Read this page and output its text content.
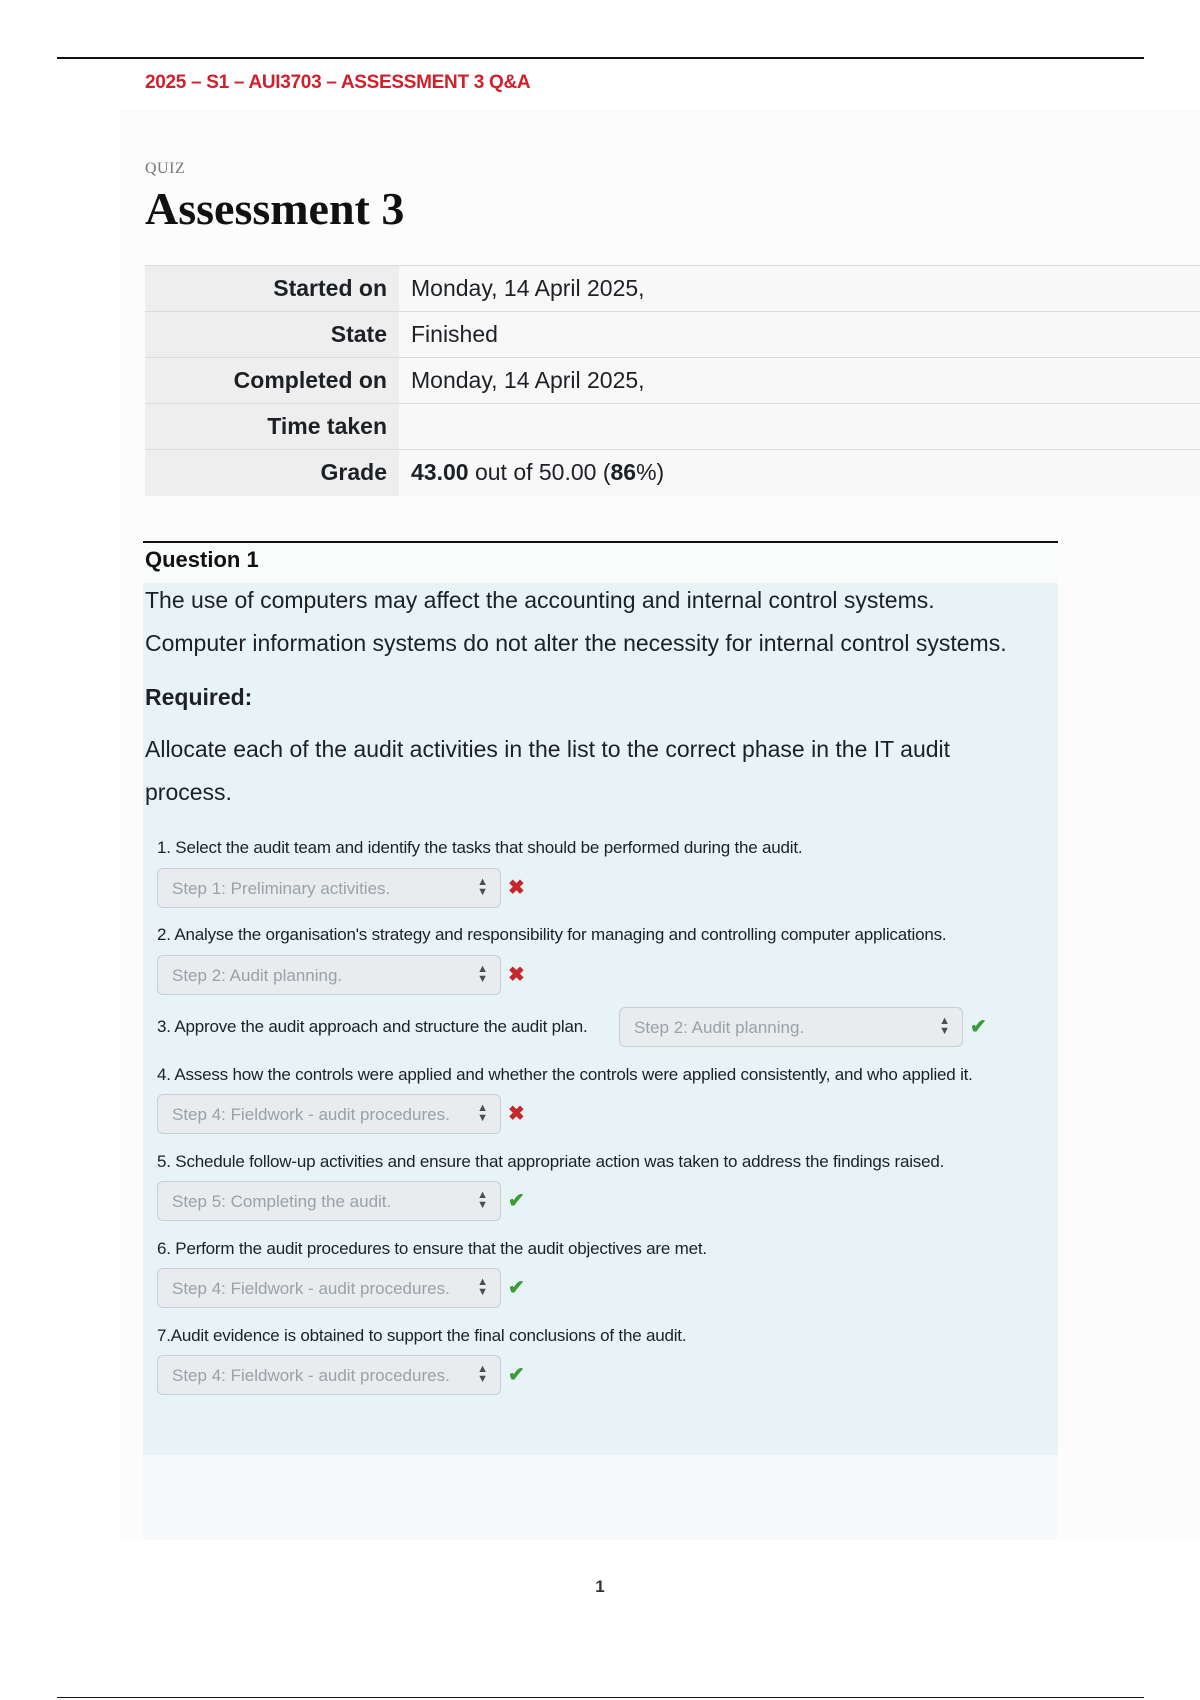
2025 – S1 – AUI3703 – ASSESSMENT 3 Q&A
QUIZ
Assessment 3
Started on	Monday, 14 April 2025,
State	Finished
Completed on	Monday, 14 April 2025,
Time taken	
Grade	43.00 out of 50.00 (86%)
Question 1

The use of computers may affect the accounting and internal control systems.

Computer information systems do not alter the necessity for internal control systems.

Required:

Allocate each of the audit activities in the list to the correct phase in the IT audit

process.

1. Select the audit team and identify the tasks that should be performed during the audit.
Step 1: Preliminary activities.	▲
▼ ✖
2. Analyse the organisation's strategy and responsibility for managing and controlling computer applications.
Step 2: Audit planning.	▲
▼ ✖
3. Approve the audit approach and structure the audit plan.	Step 2: Audit planning.	▲
▼ ✔
4. Assess how the controls were applied and whether the controls were applied consistently, and who applied it.
Step 4: Fieldwork - audit procedures. ▲
▼ ✖
5. Schedule follow-up activities and ensure that appropriate action was taken to address the findings raised.
Step 5: Completing the audit.	▲
▼ ✔
6. Perform the audit procedures to ensure that the audit objectives are met.
Step 4: Fieldwork - audit procedures. ▲
▼ ✔
7.Audit evidence is obtained to support the final conclusions of the audit.
Step 4: Fieldwork - audit procedures. ▲
▼ ✔
1
